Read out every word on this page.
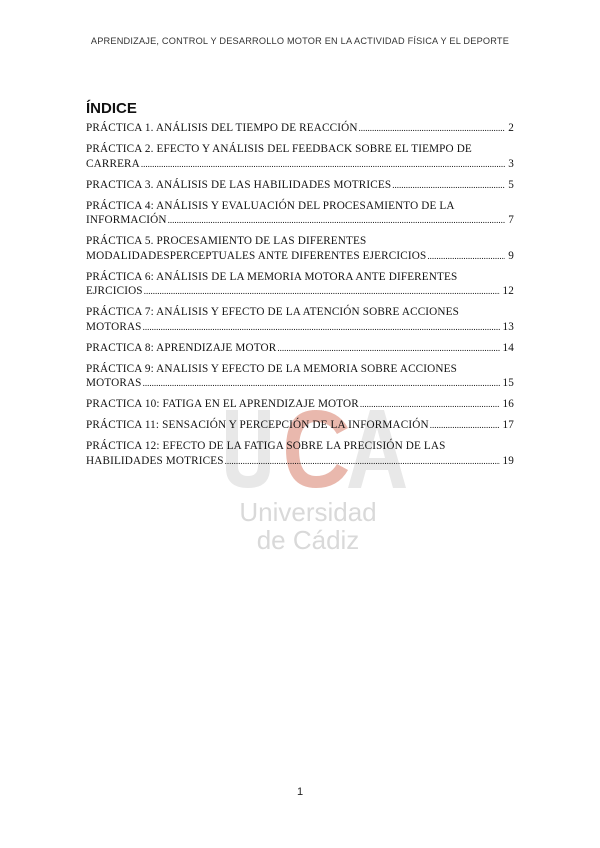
APRENDIZAJE, CONTROL Y DESARROLLO MOTOR EN LA ACTIVIDAD FÍSICA Y EL DEPORTE
Universidad
de Cádiz
ÍNDICE
PRÁCTICA 1. ANÁLISIS DEL TIEMPO DE REACCIÓN .....	2
PRÁCTICA 2. EFECTO Y ANÁLISIS DEL FEEDBACK SOBRE EL TIEMPO DE
CARRERA .....	3
PRACTICA 3. ANÁLISIS DE LAS HABILIDADES MOTRICES .....	5
PRÁCTICA 4: ANÁLISIS Y EVALUACIÓN DEL PROCESAMIENTO DE LA
INFORMACIÓN .....	7
PRÁCTICA 5. PROCESAMIENTO DE LAS DIFERENTES
MODALIDADESPERCEPTUALES ANTE DIFERENTES EJERCICIOS .....	9
PRÁCTICA 6: ANÁLISIS DE LA MEMORIA MOTORA ANTE DIFERENTES
EJRCICIOS .....	12
PRÁCTICA 7: ANÁLISIS Y EFECTO DE LA ATENCIÓN SOBRE ACCIONES
MOTORAS .....	13
PRACTICA 8: APRENDIZAJE MOTOR .....	14
PRÁCTICA 9: ANALISIS Y EFECTO DE LA MEMORIA SOBRE ACCIONES
MOTORAS .....	15
PRACTICA 10: FATIGA EN EL APRENDIZAJE MOTOR .....	16
PRÁCTICA 11: SENSACIÓN Y PERCEPCIÓN DE LA INFORMACIÓN .....	17
PRÁCTICA 12: EFECTO DE LA FATIGA SOBRE LA PRECISIÓN DE LAS
HABILIDADES MOTRICES .....	19
1
